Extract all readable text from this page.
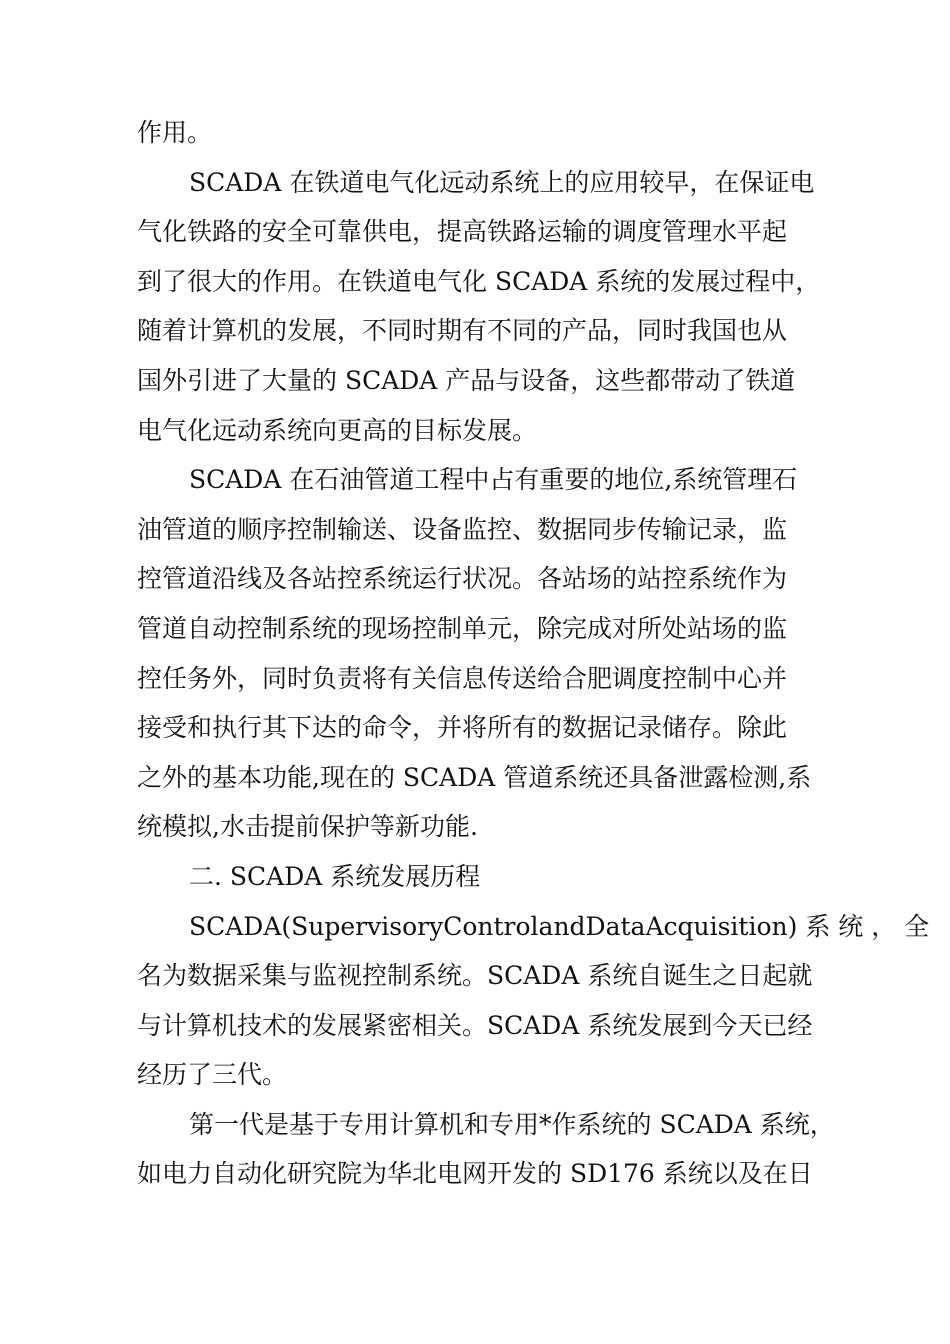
作用。
SCADA 在铁道电气化远动系统上的应用较早，在保证电
气化铁路的安全可靠供电，提高铁路运输的调度管理水平起
到了很大的作用。在铁道电气化 SCADA 系统的发展过程中，
随着计算机的发展，不同时期有不同的产品，同时我国也从
国外引进了大量的 SCADA 产品与设备，这些都带动了铁道
电气化远动系统向更高的目标发展。
SCADA 在石油管道工程中占有重要的地位,系统管理石
油管道的顺序控制输送、设备监控、数据同步传输记录，监
控管道沿线及各站控系统运行状况。各站场的站控系统作为
管道自动控制系统的现场控制单元，除完成对所处站场的监
控任务外，同时负责将有关信息传送给合肥调度控制中心并
接受和执行其下达的命令，并将所有的数据记录储存。除此
之外的基本功能,现在的 SCADA 管道系统还具备泄露检测,系
统模拟,水击提前保护等新功能.
二. SCADA 系统发展历程
SCADA(SupervisoryControlandDataAcquisition) 系 统 ， 全
名为数据采集与监视控制系统。SCADA 系统自诞生之日起就
与计算机技术的发展紧密相关。SCADA 系统发展到今天已经
经历了三代。
第一代是基于专用计算机和专用*作系统的 SCADA 系统，
如电力自动化研究院为华北电网开发的 SD176 系统以及在日
